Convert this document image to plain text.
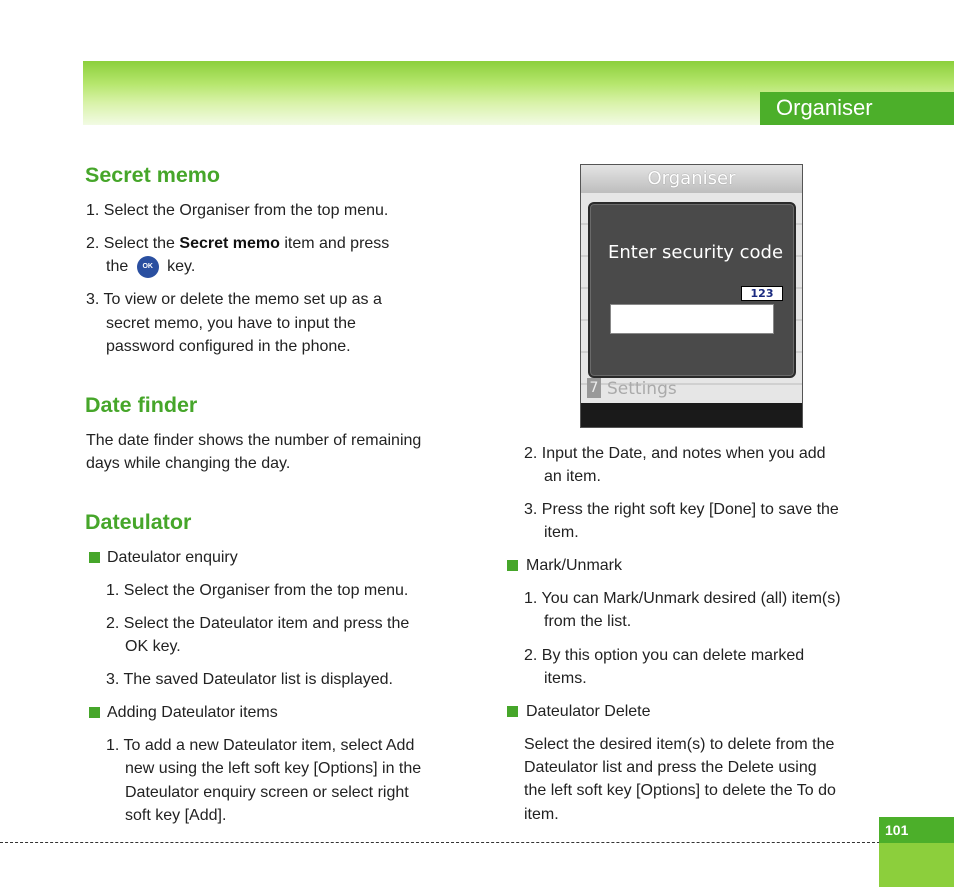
Organiser
Secret memo
1. Select the Organiser from the top menu.
2. Select the Secret memo item and press
the OK key.
3. To view or delete the memo set up as a
secret memo, you have to input the
password configured in the phone.
Date finder
The date finder shows the number of remaining
days while changing the day.
Dateulator
Dateulator enquiry
1. Select the Organiser from the top menu.
2. Select the Dateulator item and press the
OK key.
3. The saved Dateulator list is displayed.
Adding Dateulator items
1. To add a new Dateulator item, select Add
new using the left soft key [Options] in the
Dateulator enquiry screen or select right
soft key [Add].
Organiser
Enter security code
123
7 Settings
2. Input the Date, and notes when you add
an item.
3. Press the right soft key [Done] to save the
item.
Mark/Unmark
1. You can Mark/Unmark desired (all) item(s)
from the list.
2. By this option you can delete marked
items.
Dateulator Delete
Select the desired item(s) to delete from the
Dateulator list and press the Delete using
the left soft key [Options] to delete the To do
item.
101
